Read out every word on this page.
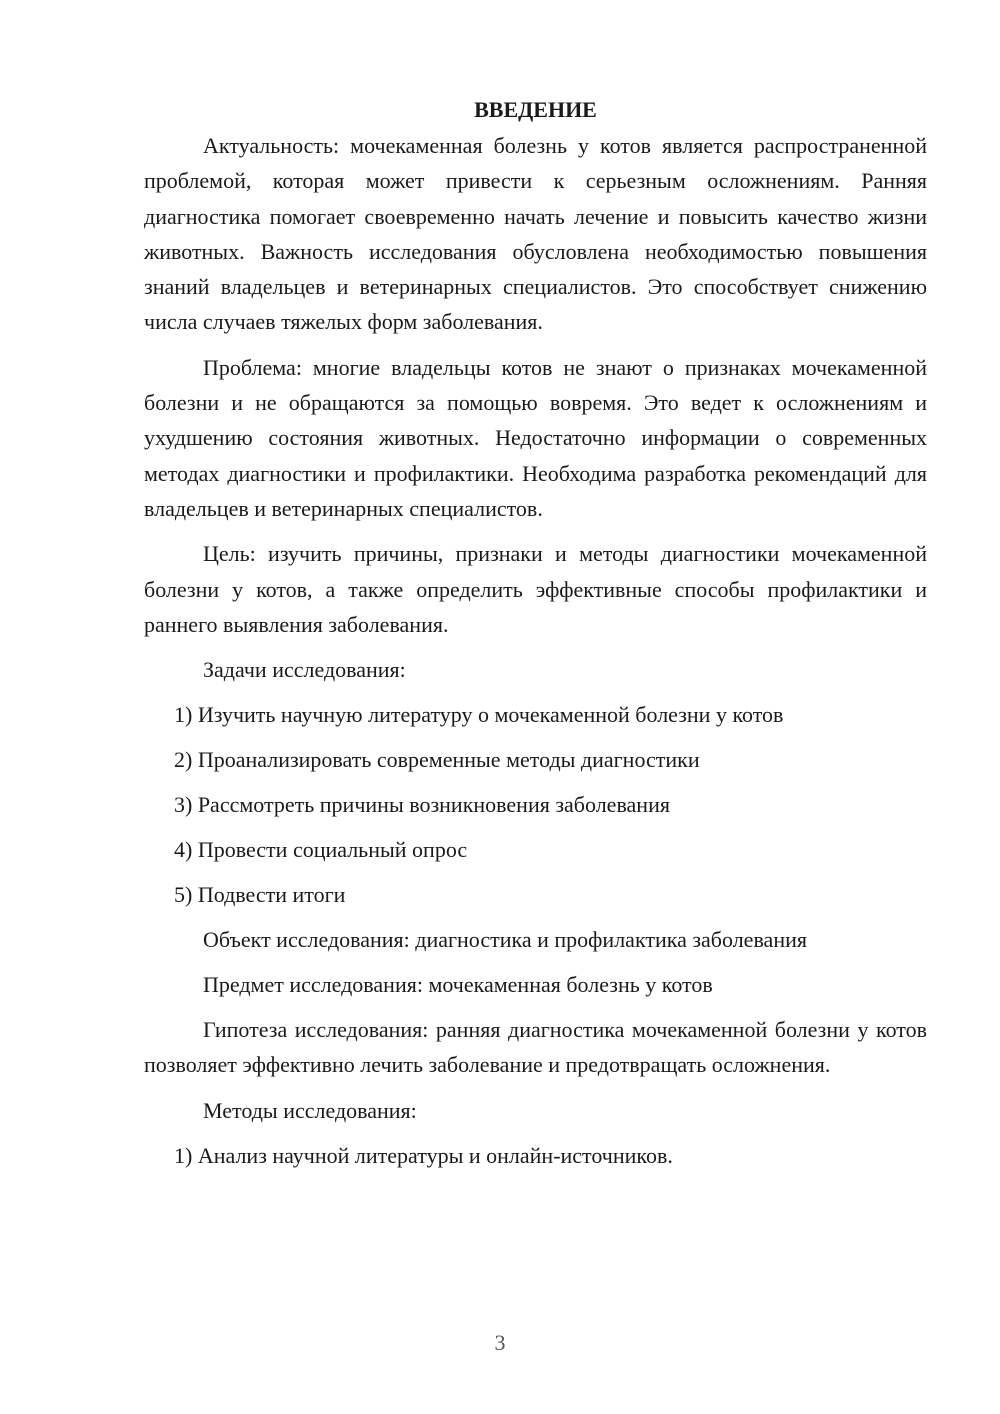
ВВЕДЕНИЕ

Актуальность: мочекаменная болезнь у котов является распространенной проблемой, которая может привести к серьезным осложнениям. Ранняя диагностика помогает своевременно начать лечение и повысить качество жизни животных. Важность исследования обусловлена необходимостью повышения знаний владельцев и ветеринарных специалистов. Это способствует снижению числа случаев тяжелых форм заболевания.

Проблема: многие владельцы котов не знают о признаках мочекаменной болезни и не обращаются за помощью вовремя. Это ведет к осложнениям и ухудшению состояния животных. Недостаточно информации о современных методах диагностики и профилактики. Необходима разработка рекомендаций для владельцев и ветеринарных специалистов.

Цель: изучить причины, признаки и методы диагностики мочекаменной болезни у котов, а также определить эффективные способы профилактики и раннего выявления заболевания.

Задачи исследования:

1) Изучить научную литературу о мочекаменной болезни у котов

2) Проанализировать современные методы диагностики

3) Рассмотреть причины возникновения заболевания

4) Провести социальный опрос

5) Подвести итоги

Объект исследования: диагностика и профилактика заболевания

Предмет исследования: мочекаменная болезнь у котов

Гипотеза исследования: ранняя диагностика мочекаменной болезни у котов позволяет эффективно лечить заболевание и предотвращать осложнения.

Методы исследования:

1) Анализ научной литературы и онлайн-источников.

3
